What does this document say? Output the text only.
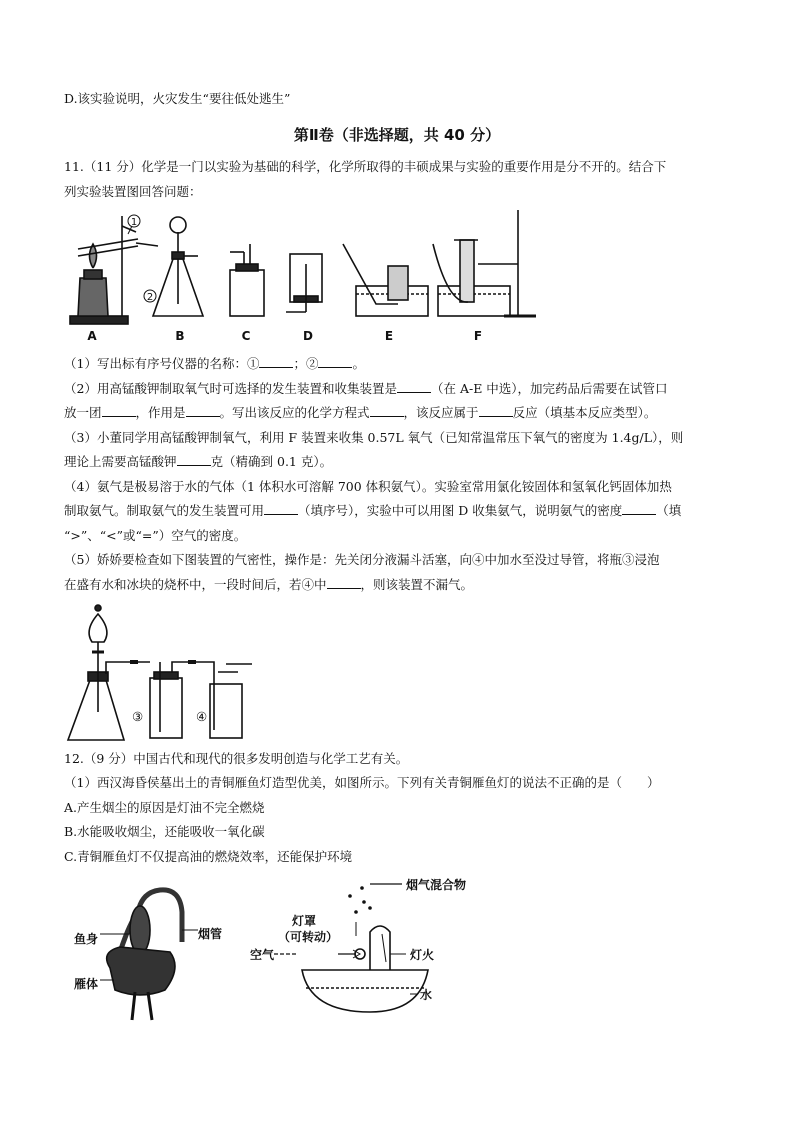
D.该实验说明，火灾发生“要往低处逃生”
第Ⅱ卷（非选择题，共 40 分）
11.（11 分）化学是一门以实验为基础的科学，化学所取得的丰硕成果与实验的重要作用是分不开的。结合下
列实验装置图回答问题：
1
2
A	B	C	D	E	F
（1）写出标有序号仪器的名称：①	；②	。
（2）用高锰酸钾制取氧气时可选择的发生装置和收集装置是	（在 A-E 中选），加完药品后需要在试管口
放一团	，作用是	。写出该反应的化学方程式	，该反应属于	反应（填基本反应类型）。
（3）小董同学用高锰酸钾制氧气，利用 F 装置来收集 0.57L 氧气（已知常温常压下氧气的密度为 1.4g/L），则
理论上需要高锰酸钾	克（精确到 0.1 克）。
（4）氨气是极易溶于水的气体（1 体积水可溶解 700 体积氨气）。实验室常用氯化铵固体和氢氧化钙固体加热
制取氨气。制取氨气的发生装置可用	（填序号），实验中可以用图 D 收集氨气，说明氨气的密度	（填
“>”、“<”或“=”）空气的密度。
（5）娇娇要检查如下图装置的气密性，操作是：先关闭分液漏斗活塞，向④中加水至没过导管，将瓶③浸泡
在盛有水和冰块的烧杯中，一段时间后，若④中	，则该装置不漏气。
③	④
12.（9 分）中国古代和现代的很多发明创造与化学工艺有关。
（1）西汉海昏侯墓出土的青铜雁鱼灯造型优美，如图所示。下列有关青铜雁鱼灯的说法不正确的是（　　）
A.产生烟尘的原因是灯油不完全燃烧
B.水能吸收烟尘，还能吸收一氧化碳
C.青铜雁鱼灯不仅提高油的燃烧效率，还能保护环境
鱼身	烟管
雁体
烟气混合物
灯罩
（可转动）
空气	灯火
水
